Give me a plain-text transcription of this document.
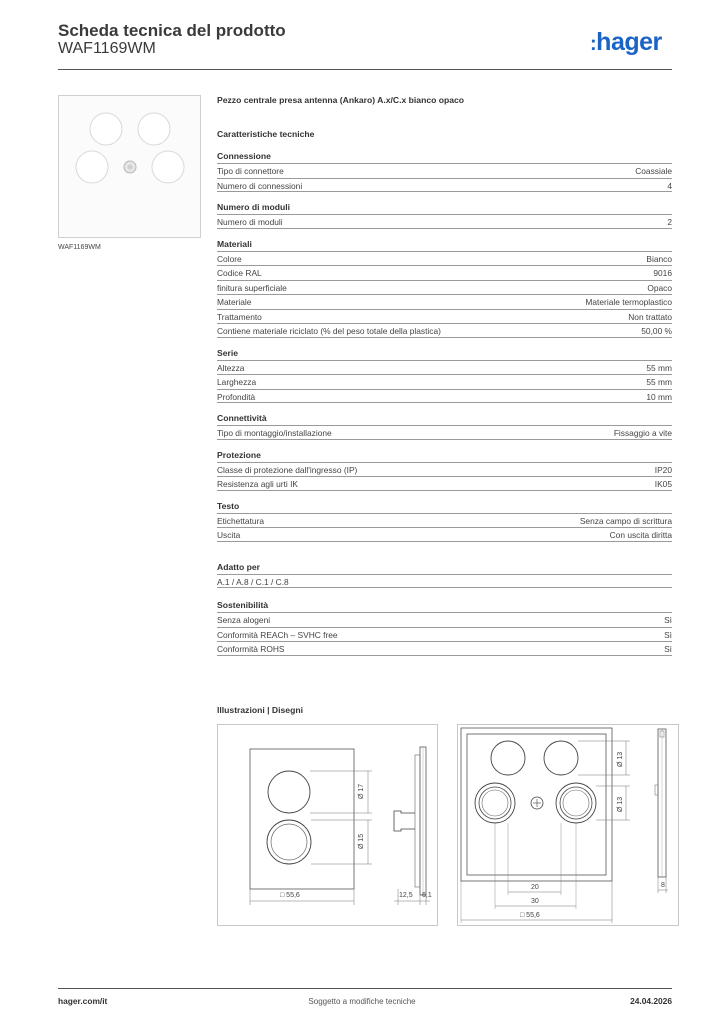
Scheda tecnica del prodotto
WAF1169WM	:hager
WAF1169WM
Pezzo centrale presa antenna (Ankaro) A.x/C.x bianco opaco
Caratteristiche tecniche
Connessione
Tipo di connettore	Coassiale
Numero di connessioni	4
Numero di moduli
Numero di moduli	2
Materiali
Colore	Bianco
Codice RAL	9016
finitura superficiale	Opaco
Materiale	Materiale termoplastico
Trattamento	Non trattato
Contiene materiale riciclato (% del peso totale della plastica)	50,00 %
Serie
Altezza	55 mm
Larghezza	55 mm
Profondità	10 mm
Connettività
Tipo di montaggio/installazione	Fissaggio a vite
Protezione
Classe di protezione dall'ingresso (IP)	IP20
Resistenza agli urti IK	IK05
Testo
Etichettatura	Senza campo di scrittura
Uscita	Con uscita diritta
Adatto per
A.1 / A.8 / C.1 / C.8
Sostenibilità
Senza alogeni	Sì
Conformità REACh – SVHC free	Sì
Conformità ROHS	Sì
Illustrazioni | Disegni
Ø 17
Ø 15
□ 55,6	12,5 6,1
Ø 13
Ø 13
20
30
□ 55,6
8
hager.com/it	Soggetto a modifiche tecniche	24.04.2026
